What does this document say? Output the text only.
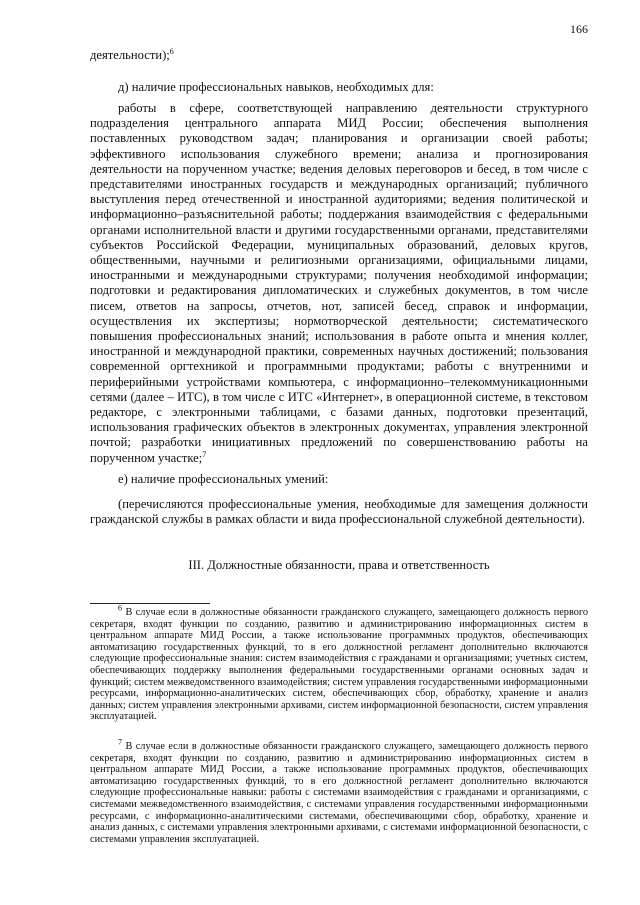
166
деятельности);$^6$
д) наличие профессиональных навыков, необходимых для:
работы в сфере, соответствующей направлению деятельности структурного подразделения центрального аппарата МИД России; обеспечения выполнения поставленных руководством задач; планирования и организации своей работы; эффективного использования служебного времени; анализа и прогнозирования деятельности на порученном участке; ведения деловых переговоров и бесед, в том числе с представителями иностранных государств и международных организаций; публичного выступления перед отечественной и иностранной аудиториями; ведения политической и информационно–разъяснительной работы; поддержания взаимодействия с федеральными органами исполнительной власти и другими государственными органами, представителями субъектов Российской Федерации, муниципальных образований, деловых кругов, общественными, научными и религиозными организациями, официальными лицами, иностранными и международными структурами; получения необходимой информации; подготовки и редактирования дипломатических и служебных документов, в том числе писем, ответов на запросы, отчетов, нот, записей бесед, справок и информации, осуществления их экспертизы; нормотворческой деятельности; систематического повышения профессиональных знаний; использования в работе опыта и мнения коллег, иностранной и международной практики, современных научных достижений; пользования современной оргтехникой и программными продуктами; работы с внутренними и периферийными устройствами компьютера, с информационно–телекоммуникационными сетями (далее – ИТС), в том числе с ИТС «Интернет», в операционной системе, в текстовом редакторе, с электронными таблицами, с базами данных, подготовки презентаций, использования графических объектов в электронных документах, управления электронной почтой; разработки инициативных предложений по совершенствованию работы на порученном участке;$^7$
е) наличие профессиональных умений:
(перечисляются профессиональные умения, необходимые для замещения должности гражданской службы в рамках области и вида профессиональной служебной деятельности).
III. Должностные обязанности, права и ответственность
$^6$ В случае если в должностные обязанности гражданского служащего, замещающего должность первого секретаря, входят функции по созданию, развитию и администрированию информационных систем в центральном аппарате МИД России, а также использование программных продуктов, обеспечивающих автоматизацию государственных функций, то в его должностной регламент дополнительно включаются следующие профессиональные знания: систем взаимодействия с гражданами и организациями; учетных систем, обеспечивающих поддержку выполнения федеральными государственными органами основных задач и функций; систем межведомственного взаимодействия; систем управления государственными информационными ресурсами, информационно-аналитических систем, обеспечивающих сбор, обработку, хранение и анализ данных; систем управления электронными архивами, систем информационной безопасности, систем управления эксплуатацией.
$^7$ В случае если в должностные обязанности гражданского служащего, замещающего должность первого секретаря, входят функции по созданию, развитию и администрированию информационных систем в центральном аппарате МИД России, а также использование программных продуктов, обеспечивающих автоматизацию государственных функций, то в его должностной регламент дополнительно включаются следующие профессиональные навыки: работы с системами взаимодействия с гражданами и организациями, с системами межведомственного взаимодействия, с системами управления государственными информационными ресурсами, с информационно-аналитическими системами, обеспечивающими сбор, обработку, хранение и анализ данных, с системами управления электронными архивами, с системами информационной безопасности, с системами управления эксплуатацией.
